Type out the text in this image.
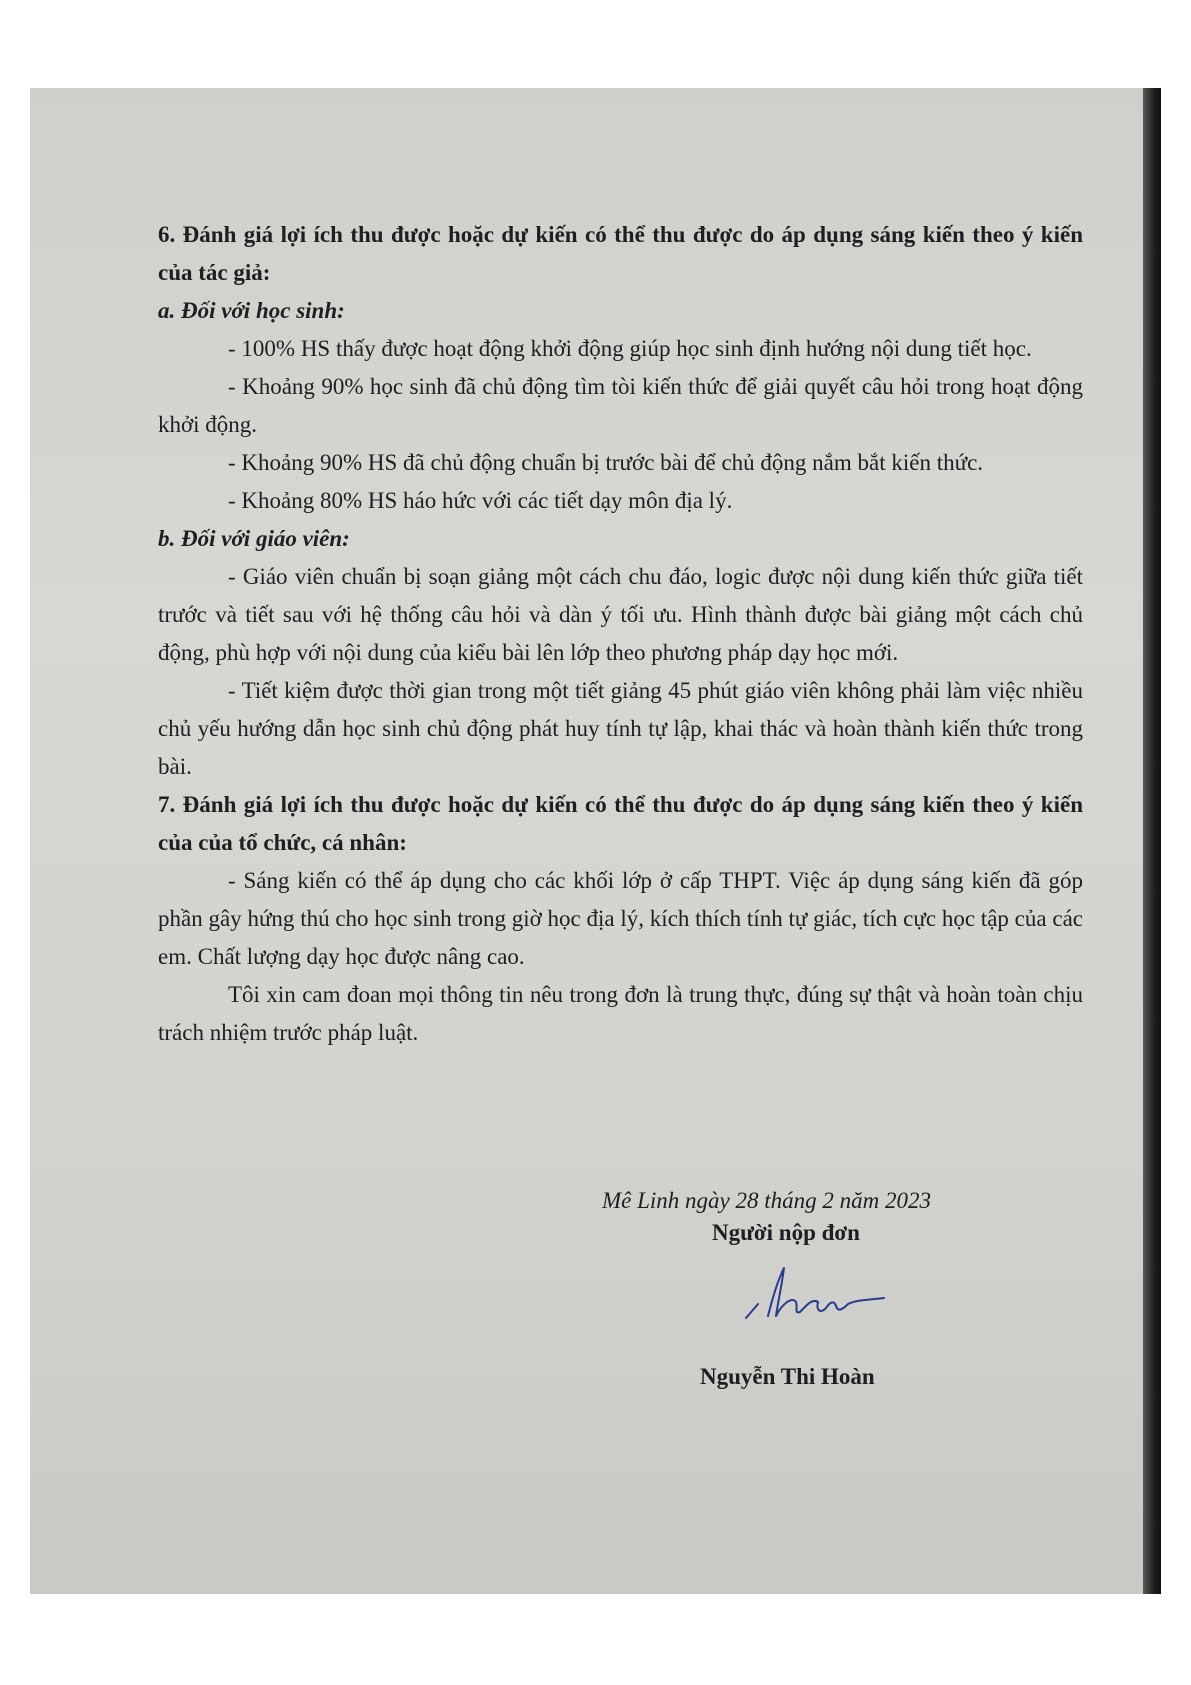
6. Đánh giá lợi ích thu được hoặc dự kiến có thể thu được do áp dụng sáng kiến theo ý kiến của tác giả:

a. Đối với học sinh:

- 100% HS thấy được hoạt động khởi động giúp học sinh định hướng nội dung tiết học.

- Khoảng 90% học sinh đã chủ động tìm tòi kiến thức để giải quyết câu hỏi trong hoạt động khởi động.

- Khoảng 90% HS đã chủ động chuẩn bị trước bài để chủ động nắm bắt kiến thức.

- Khoảng 80% HS háo hức với các tiết dạy môn địa lý.

b. Đối với giáo viên:

- Giáo viên chuẩn bị soạn giảng một cách chu đáo, logic được nội dung kiến thức giữa tiết trước và tiết sau với hệ thống câu hỏi và dàn ý tối ưu. Hình thành được bài giảng một cách chủ động, phù hợp với nội dung của kiểu bài lên lớp theo phương pháp dạy học mới.

- Tiết kiệm được thời gian trong một tiết giảng 45 phút giáo viên không phải làm việc nhiều chủ yếu hướng dẫn học sinh chủ động phát huy tính tự lập, khai thác và hoàn thành kiến thức trong bài.

7. Đánh giá lợi ích thu được hoặc dự kiến có thể thu được do áp dụng sáng kiến theo ý kiến của của tổ chức, cá nhân:

- Sáng kiến có thể áp dụng cho các khối lớp ở cấp THPT. Việc áp dụng sáng kiến đã góp phần gây hứng thú cho học sinh trong giờ học địa lý, kích thích tính tự giác, tích cực học tập của các em. Chất lượng dạy học được nâng cao.

Tôi xin cam đoan mọi thông tin nêu trong đơn là trung thực, đúng sự thật và hoàn toàn chịu trách nhiệm trước pháp luật.

Mê Linh ngày 28 tháng 2 năm 2023
Người nộp đơn
Nguyễn Thi Hoàn
